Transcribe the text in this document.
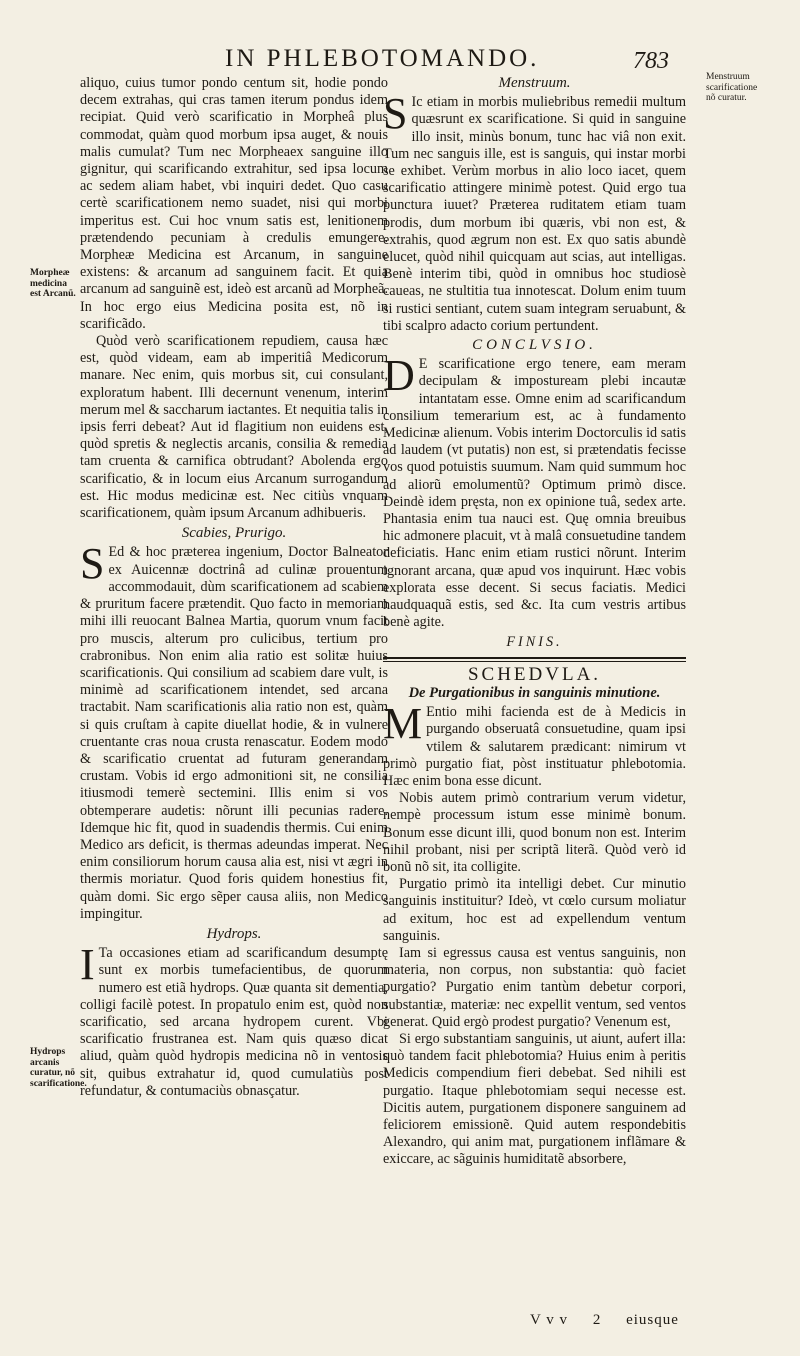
IN PHLEBOTOMANDO.	783
Morpheæ medicina est Arcanũ.
Hydrops arcanis curatur, nõ scarificatione.
Menstruum scarificatione nõ curatur.

aliquo, cuius tumor pondo centum sit, hodie pondo decem extrahas, qui cras tamen iterum pondus idem recipiat. Quid verò scarificatio in Morpheâ plus commodat, quàm quod morbum ipsa auget, & nouis malis cumulat? Tum nec Morpheaex sanguine illo gignitur, qui scarificando extrahitur, sed ipsa locum ac sedem aliam habet, vbi inquiri dedet. Quo casu certè scarificationem nemo suadet, nisi qui morbi imperitus est. Cui hoc vnum satis est, lenitionem prætendendo pecuniam à credulis emungere. Morpheæ Medicina est Arcanum, in sanguine existens: & arcanum ad sanguinem facit. Et quia arcanum ad sanguinẽ est, ideò est arcanũ ad Morpheã. In hoc ergo eius Medicina posita est, nõ in scarificãdo.

Quòd verò scarificationem repudiem, causa hæc est, quòd videam, eam ab imperitiâ Medicorum manare. Nec enim, quis morbus sit, cui consulant, exploratum habent. Illi decernunt venenum, interim merum mel & saccharum iactantes. Et nequitia talis in ipsis ferri debeat? Aut id flagitium non euidens est, quòd spretis & neglectis arcanis, consilia & remedia tam cruenta & carnifica obtrudant? Abolenda ergo scarificatio, & in locum eius Arcanum surrogandum est. Hic modus medicinæ est. Nec citiùs vnquam scarificationem, quàm ipsum Arcanum adhibueris.

Scabies, Prurigo.

S Ed & hoc præterea ingenium, Doctor Balneator ex Auicennæ doctrinâ ad culinæ prouentum accommodauit, dùm scarificationem ad scabiem & pruritum facere prætendit. Quo facto in memoriam mihi illi reuocant Balnea Martia, quorum vnum facit pro muscis, alterum pro culicibus, tertium pro crabronibus. Non enim alia ratio est solitæ huius scarificationis. Qui consilium ad scabiem dare vult, is minimè ad scarificationem intendet, sed arcana tractabit. Nam scarificationis alia ratio non est, quàm si quis cruſtam à capite diuellat hodie, & in vulnere cruentante cras noua crusta renascatur. Eodem modo & scarificatio cruentat ad futuram generandam crustam. Vobis id ergo admonitioni sit, ne consilia itiusmodi temerè sectemini. Illis enim si vos obtemperare audetis: nõrunt illi pecunias radere. Idemque hic fit, quod in suadendis thermis. Cui enim Medico ars deficit, is thermas adeundas imperat. Nec enim consiliorum horum causa alia est, nisi vt ægri in thermis moriatur. Quod foris quidem honestius fit, quàm domi. Sic ergo sẽper causa aliis, non Medico impingitur.

Hydrops.

I Ta occasiones etiam ad scarificandum desumptę sunt ex morbis tumefacientibus, de quorum numero est etiã hydrops. Quæ quanta sit dementia, colligi facilè potest. In propatulo enim est, quòd non scarificatio, sed arcana hydropem curent. Vbi scarificatio frustranea est. Nam quis quæso dicat aliud, quàm quòd hydropis medicina nõ in ventosis sit, quibus extrahatur id, quod cumulatiùs post refundatur, & contumaciùs obnasçatur.

Menstruum.

S Ic etiam in morbis muliebribus remedii multum quæsrunt ex scarificatione. Si quid in sanguine illo insit, minùs bonum, tunc hac viâ non exit. Tum nec sanguis ille, est is sanguis, qui instar morbi se exhibet. Verùm morbus in alio loco iacet, quem scarificatio attingere minimè potest. Quid ergo tua punctura iuuet? Præterea ruditatem etiam tuam prodis, dum morbum ibi quæris, vbi non est, & extrahis, quod ægrum non est. Ex quo satis abundè elucet, quòd nihil quicquam aut scias, aut intelligas. Benè interim tibi, quòd in omnibus hoc studiosè caueas, ne stultitia tua innotescat. Dolum enim tuum si rustici sentiant, cutem suam integram seruabunt, & tibi scalpro adacto corium pertundent.

CONCLVSIO.

D E scarificatione ergo tenere, eam meram decipulam & impostuream plebi incautæ intantatam esse. Omne enim ad scarificandum consilium temerarium est, ac à fundamento Medicinæ alienum. Vobis interim Doctorculis id satis ad laudem (vt putatis) non est, si prætendatis fecisse vos quod potuistis suumum. Nam quid summum hoc ad aliorũ emolumentũ? Optimum primò disce. Deindè idem pręsta, non ex opinione tuâ, sedex arte. Phantasia enim tua nauci est. Quę omnia breuibus hic admonere placuit, vt à malâ consuetudine tandem deficiatis. Hanc enim etiam rustici nõrunt. Interim ignorant arcana, quæ apud vos inquirunt. Hæc vobis explorata esse decent. Si secus faciatis. Medici haudquaquã estis, sed &c. Ita cum vestris artibus benè agite.

FINIS.
SCHEDVLA.
De Purgationibus in sanguinis minutione.

M Entio mihi facienda est de à Medicis in purgando obseruatâ consuetudine, quam ipsi vtilem & salutarem prædicant: nimirum vt primò purgatio fiat, pòst instituatur phlebotomia. Hæc enim bona esse dicunt.

Nobis autem primò contrarium verum videtur, nempè processum istum esse minimè bonum. Bonum esse dicunt illi, quod bonum non est. Interim nihil probant, nisi per scriptã literã. Quòd verò id bonũ nõ sit, ita colligite.

Purgatio primò ita intelligi debet. Cur minutio sanguinis instituitur? Ideò, vt cœlo cursum moliatur ad exitum, hoc est ad expellendum ventum sanguinis.

Iam si egressus causa est ventus sanguinis, non materia, non corpus, non substantia: quò faciet purgatio? Purgatio enim tantùm debetur corpori, substantiæ, materiæ: nec expellit ventum, sed ventos generat. Quid ergò prodest purgatio? Venenum est,

Si ergo substantiam sanguinis, ut aiunt, aufert illa: quò tandem facit phlebotomia? Huius enim à peritis Medicis compendium fieri debebat. Sed nihili est purgatio. Itaque phlebotomiam sequi necesse est. Dicitis autem, purgationem disponere sanguinem ad feliciorem emissionẽ. Quid autem respondebitis Alexandro, qui anim mat, purgationem inflãmare & exiccare, ac sãguinis humiditatẽ absorbere,

V v v 2 eiusque
